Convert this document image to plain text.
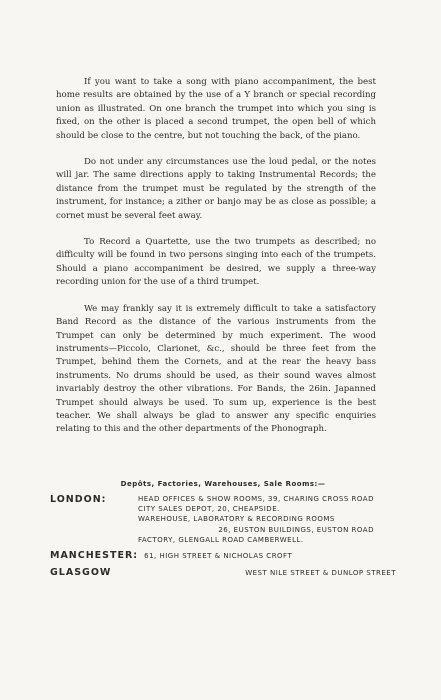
If you want to take a song with piano accompaniment, the best home results are obtained by the use of a Y branch or special recording union as illustrated. On one branch the trumpet into which you sing is fixed, on the other is placed a second trumpet, the open bell of which should be close to the centre, but not touching the back, of the piano.

Do not under any circumstances use the loud pedal, or the notes will jar. The same directions apply to taking Instrumental Records; the distance from the trumpet must be regulated by the strength of the instrument, for instance; a zither or banjo may be as close as possible; a cornet must be several feet away.

To Record a Quartette, use the two trumpets as described; no difficulty will be found in two persons singing into each of the trumpets. Should a piano accompaniment be desired, we supply a three-way recording union for the use of a third trumpet.

We may frankly say it is extremely difficult to take a satisfactory Band Record as the distance of the various instruments from the Trumpet can only be determined by much experiment. The wood instruments—Piccolo, Clarionet, &c., should be three feet from the Trumpet, behind them the Cornets, and at the rear the heavy bass instruments. No drums should be used, as their sound waves almost invariably destroy the other vibrations. For Bands, the 26in. Japanned Trumpet should always be used. To sum up, experience is the best teacher. We shall always be glad to answer any specific enquiries relating to this and the other departments of the Phonograph.

Depôts, Factories, Warehouses, Sale Rooms:—
LONDON:	HEAD OFFICES & SHOW ROOMS, 39, CHARING CROSS ROAD
CITY SALES DEPOT, 20, CHEAPSIDE.
WAREHOUSE, LABORATORY & RECORDING ROOMS
26, EUSTON BUILDINGS, EUSTON ROAD
FACTORY, GLENGALL ROAD CAMBERWELL.
MANCHESTER: 61, HIGH STREET & NICHOLAS CROFT
GLASGOW	WEST NILE STREET & DUNLOP STREET
